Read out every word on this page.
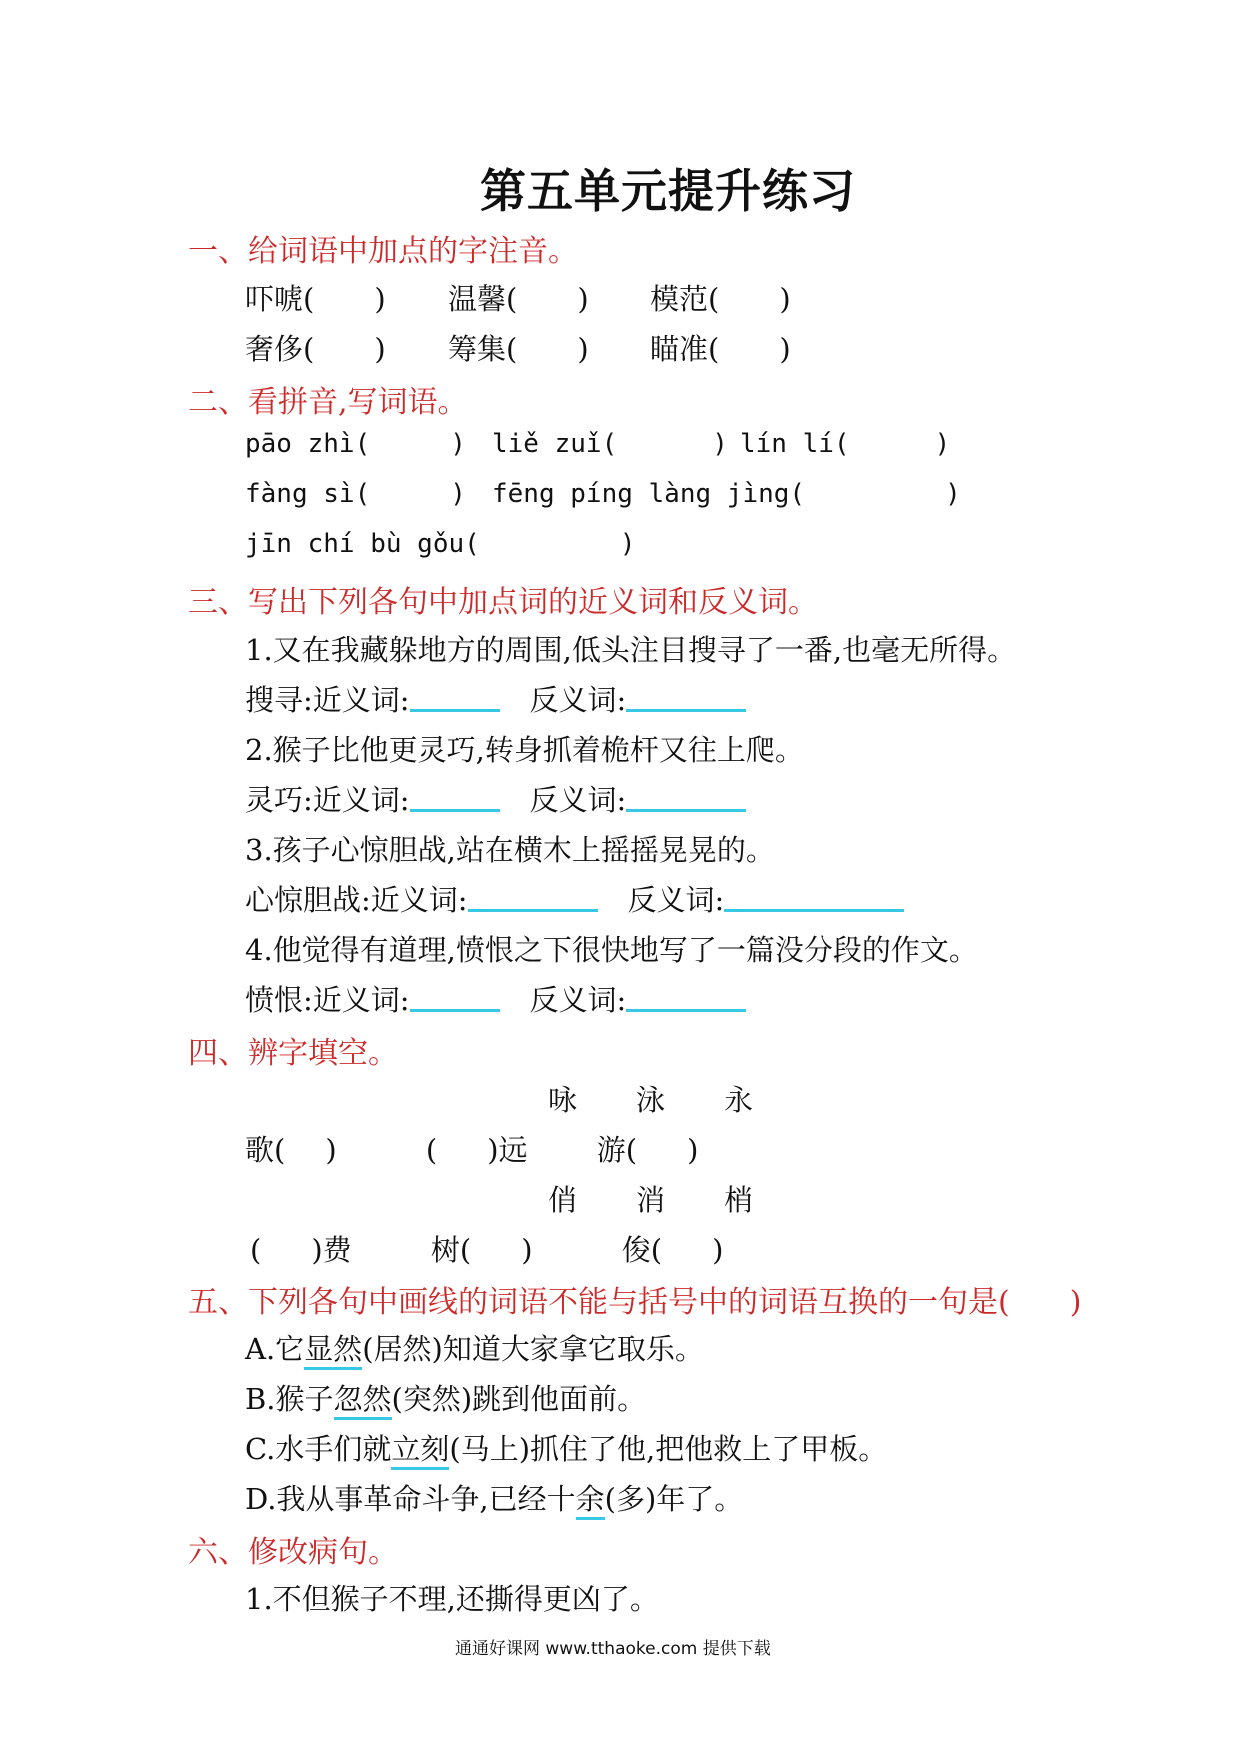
第五单元提升练习
一、给词语中加点的字注音。
吓唬( ) 温馨( ) 模范( )
奢侈( ) 筹集( ) 瞄准( )
二、看拼音,写词语。
pāo zhì(	) liě zuǐ(	) lín lí(	)
fàng sì(	) fēng píng làng jìng(	)
jīn chí bù gǒu(	)
三、写出下列各句中加点词的近义词和反义词。
1.又在我藏躲地方的周围,低头注目搜寻了一番,也毫无所得。
搜寻:近义词:	反义词:
2.猴子比他更灵巧,转身抓着桅杆又往上爬。
灵巧:近义词:	反义词:
3.孩子心惊胆战,站在横木上摇摇晃晃的。
心惊胆战:近义词:	反义词:
4.他觉得有道理,愤恨之下很快地写了一篇没分段的作文。
愤恨:近义词:	反义词:
四、辨字填空。
咏 泳 永
歌( )	( )远 游( )
俏 消 梢
( )费	树( )	俊( )
五、下列各句中画线的词语不能与括号中的词语互换的一句是(　　)
A.它显然(居然)知道大家拿它取乐。
B.猴子忽然(突然)跳到他面前。
C.水手们就立刻(马上)抓住了他,把他救上了甲板。
D.我从事革命斗争,已经十余(多)年了。
六、修改病句。
1.不但猴子不理,还撕得更凶了。
通通好课网 www.tthaoke.com 提供下载
